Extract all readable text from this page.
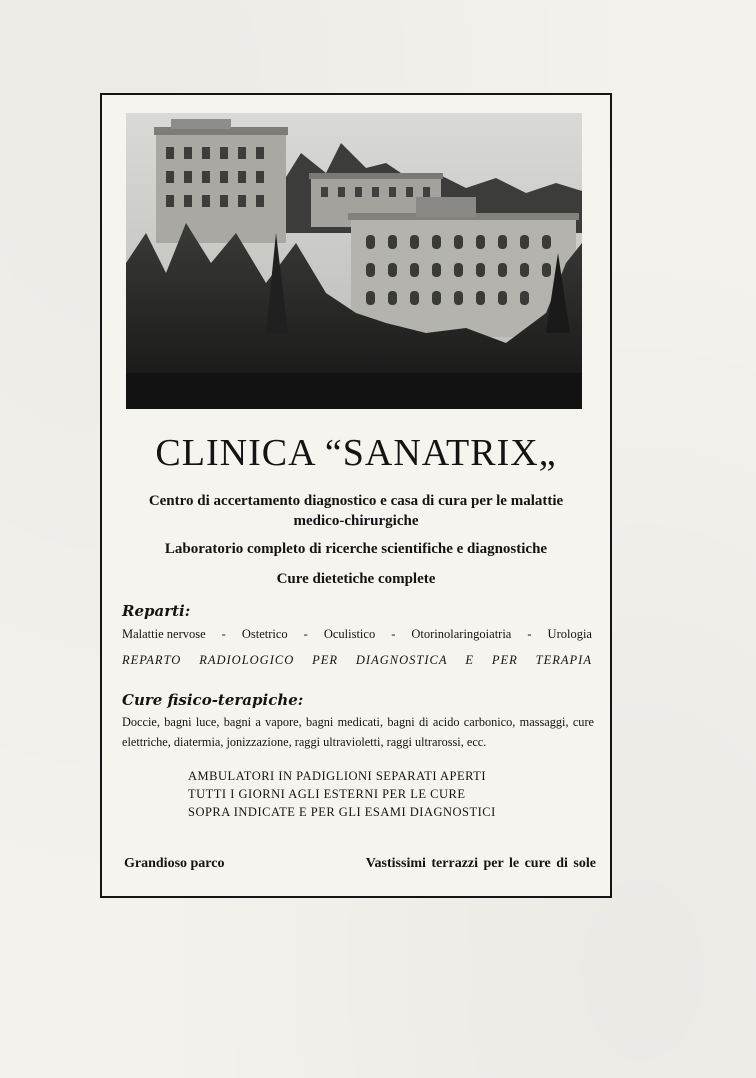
CLINICA “SANATRIX„
Centro di accertamento diagnostico e casa di cura per le malattie
medico-chirurgiche
Laboratorio completo di ricerche scientifiche e diagnostiche
Cure dietetiche complete
Reparti:
Malattie nervose - Ostetrico - Oculistico - Otorinolaringoiatria - Urologia
REPARTO RADIOLOGICO PER DIAGNOSTICA E PER TERAPIA
Cure fisico-terapiche:
Doccie, bagni luce, bagni a vapore, bagni medicati, bagni di acido carbonico, massaggi, cure elettriche, diatermia, jonizzazione, raggi ultravioletti, raggi ultrarossi, ecc.
AMBULATORI IN PADIGLIONI SEPARATI APERTI
TUTTI I GIORNI AGLI ESTERNI PER LE CURE
SOPRA INDICATE E PER GLI ESAMI DIAGNOSTICI
Grandioso parco	Vastissimi terrazzi per le cure di sole
